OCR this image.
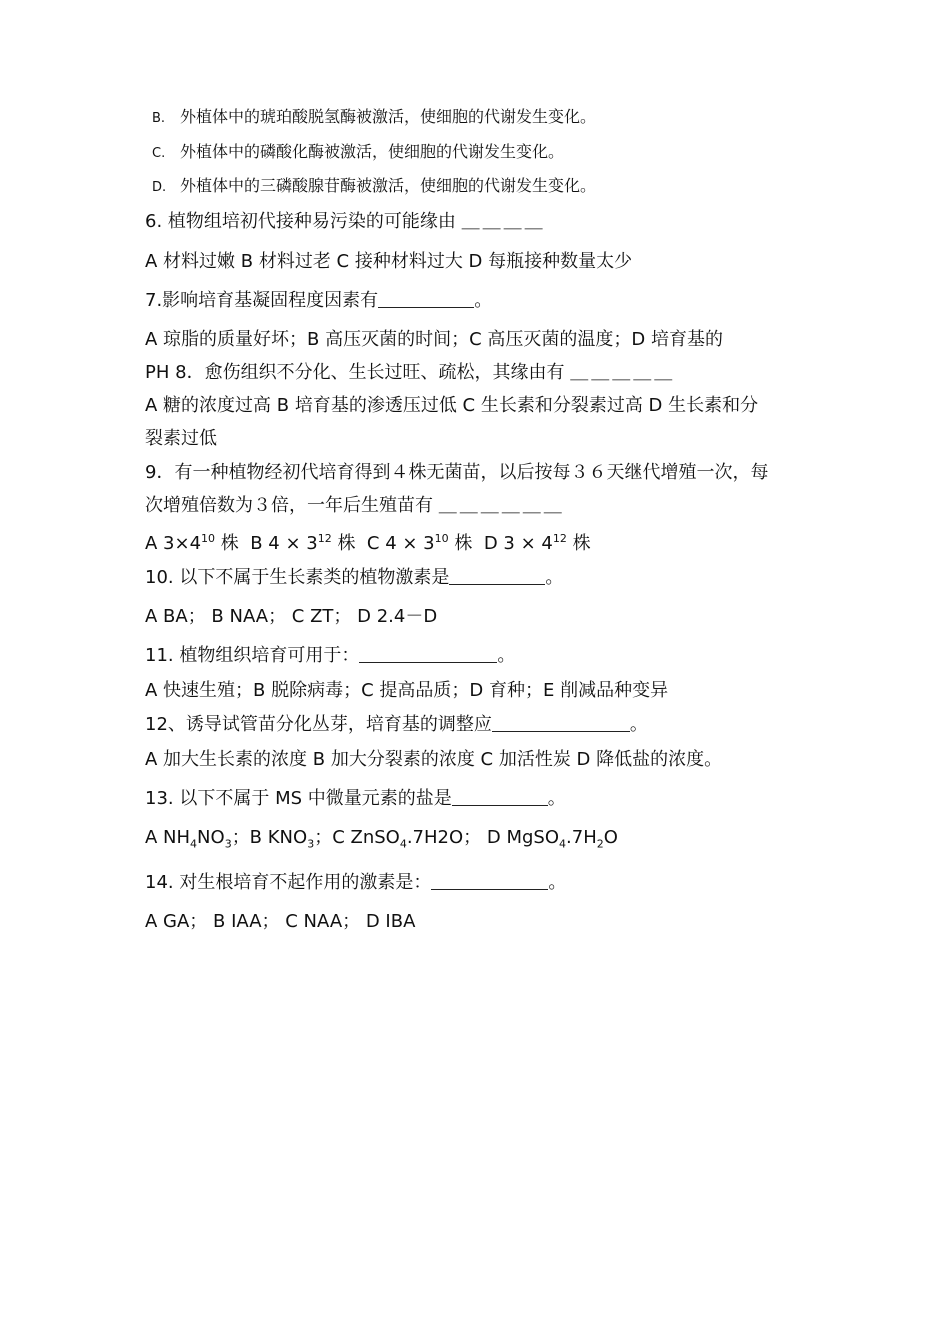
B. 外植体中的琥珀酸脱氢酶被激活，使细胞的代谢发生变化。
C. 外植体中的磷酸化酶被激活，使细胞的代谢发生变化。
D. 外植体中的三磷酸腺苷酶被激活，使细胞的代谢发生变化。
6. 植物组培初代接种易污染的可能缘由 ＿＿＿＿
A 材料过嫩 B 材料过老 C 接种材料过大 D 每瓶接种数量太少
7.影响培育基凝固程度因素有	。
A 琼脂的质量好坏；B 高压灭菌的时间；C 高压灭菌的温度；D 培育基的
PH 8．愈伤组织不分化、生长过旺、疏松，其缘由有 ＿＿＿＿＿
A 糖的浓度过高 B 培育基的渗透压过低 C 生长素和分裂素过高 D 生长素和分
裂素过低
9．有一种植物经初代培育得到４株无菌苗，以后按每３６天继代增殖一次，每
次增殖倍数为３倍，一年后生殖苗有 ＿＿＿＿＿＿
A $3\times 4^{10}$ 株 B $4 \times 3^{12}$ 株 C $4 \times 3^{10}$ 株 D $3 \times 4^{12}$ 株
10. 以下不属于生长素类的植物激素是	。
A BA； B NAA； C ZT； D 2.4－D
11. 植物组织培育可用于：	。
A 快速生殖；B 脱除病毒；C 提高品质；D 育种；E 削减品种变异
12、诱导试管苗分化丛芽，培育基的调整应	。
A 加大生长素的浓度 B 加大分裂素的浓度 C 加活性炭 D 降低盐的浓度。
13. 以下不属于 MS 中微量元素的盐是	。
A $NH_4NO_3$；B $KNO_3$；C ZnSO$_4$.7H2O； D $MgSO_4.7H_2O$
14. 对生根培育不起作用的激素是：	。
A GA； B IAA； C NAA； D IBA
